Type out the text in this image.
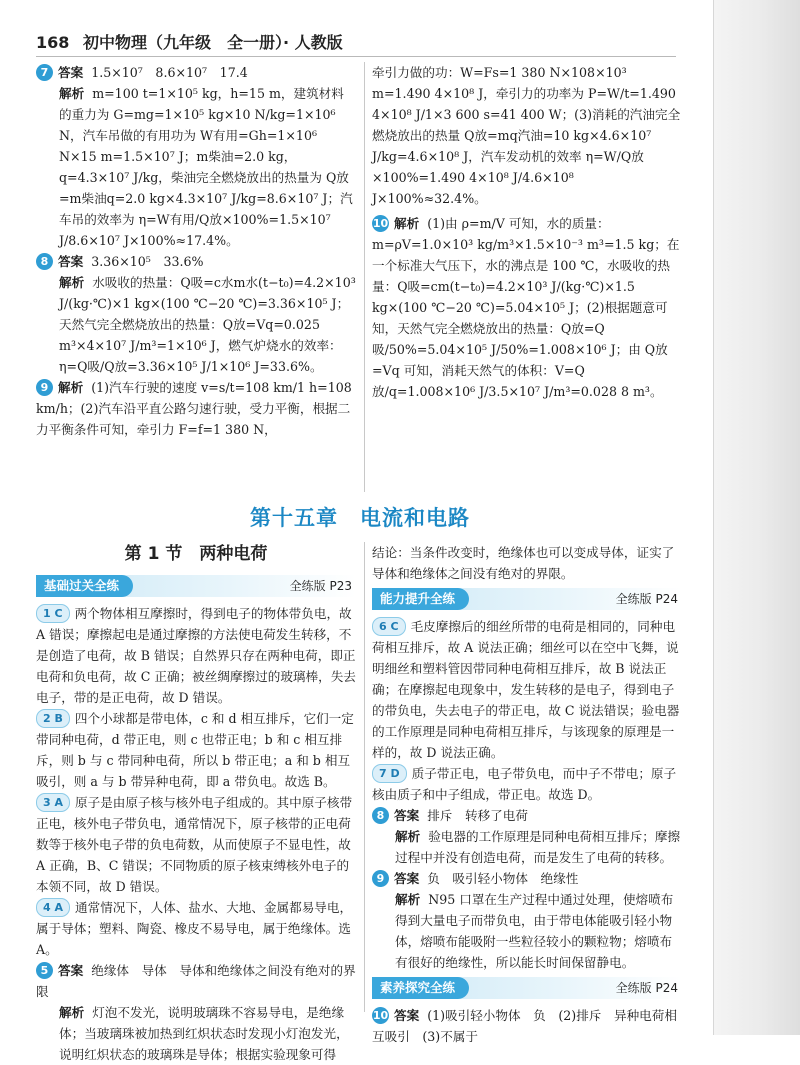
168 初中物理（九年级　全一册）· 人教版

7 答案 1.5×10⁷　8.6×10⁷　17.4

解析 m=100 t=1×10⁵ kg，h=15 m，建筑材料的重力为 G=mg=1×10⁵ kg×10 N/kg=1×10⁶ N，汽车吊做的有用功为 W有用=Gh=1×10⁶ N×15 m=1.5×10⁷ J；m柴油=2.0 kg，q=4.3×10⁷ J/kg，柴油完全燃烧放出的热量为 Q放=m柴油q=2.0 kg×4.3×10⁷ J/kg=8.6×10⁷ J；汽车吊的效率为 η=W有用/Q放×100%=1.5×10⁷ J/8.6×10⁷ J×100%≈17.4%。

8 答案 3.36×10⁵　33.6%

解析 水吸收的热量：Q吸=c水m水(t−t₀)=4.2×10³ J/(kg·℃)×1 kg×(100 ℃−20 ℃)=3.36×10⁵ J；天然气完全燃烧放出的热量：Q放=Vq=0.025 m³×4×10⁷ J/m³=1×10⁶ J，燃气炉烧水的效率：η=Q吸/Q放=3.36×10⁵ J/1×10⁶ J=33.6%。

9 解析 (1)汽车行驶的速度 v=s/t=108 km/1 h=108 km/h；(2)汽车沿平直公路匀速行驶，受力平衡，根据二力平衡条件可知，牵引力 F=f=1 380 N，

牵引力做的功：W=Fs=1 380 N×108×10³ m=1.490 4×10⁸ J，牵引力的功率为 P=W/t=1.490 4×10⁸ J/1×3 600 s=41 400 W；(3)消耗的汽油完全燃烧放出的热量 Q放=mq汽油=10 kg×4.6×10⁷ J/kg=4.6×10⁸ J，汽车发动机的效率 η=W/Q放×100%=1.490 4×10⁸ J/4.6×10⁸ J×100%≈32.4%。

10 解析 (1)由 ρ=m/V 可知，水的质量：m=ρV=1.0×10³ kg/m³×1.5×10⁻³ m³=1.5 kg；在一个标准大气压下，水的沸点是 100 ℃，水吸收的热量：Q吸=cm(t−t₀)=4.2×10³ J/(kg·℃)×1.5 kg×(100 ℃−20 ℃)=5.04×10⁵ J；(2)根据题意可知，天然气完全燃烧放出的热量：Q放=Q吸/50%=5.04×10⁵ J/50%=1.008×10⁶ J；由 Q放=Vq 可知，消耗天然气的体积：V=Q放/q=1.008×10⁶ J/3.5×10⁷ J/m³=0.028 8 m³。

第十五章　电流和电路
第 1 节　两种电荷
基础过关全练	全练版 P23

1 C 两个物体相互摩擦时，得到电子的物体带负电，故 A 错误；摩擦起电是通过摩擦的方法使电荷发生转移，不是创造了电荷，故 B 错误；自然界只存在两种电荷，即正电荷和负电荷，故 C 正确；被丝绸摩擦过的玻璃棒，失去电子，带的是正电荷，故 D 错误。

2 B 四个小球都是带电体，c 和 d 相互排斥，它们一定带同种电荷，d 带正电，则 c 也带正电；b 和 c 相互排斥，则 b 与 c 带同种电荷，所以 b 带正电；a 和 b 相互吸引，则 a 与 b 带异种电荷，即 a 带负电。故选 B。

3 A 原子是由原子核与核外电子组成的。其中原子核带正电，核外电子带负电，通常情况下，原子核带的正电荷数等于核外电子带的负电荷数，从而使原子不显电性，故 A 正确，B、C 错误；不同物质的原子核束缚核外电子的本领不同，故 D 错误。

4 A 通常情况下，人体、盐水、大地、金属都易导电，属于导体；塑料、陶瓷、橡皮不易导电，属于绝缘体。选 A。

5 答案 绝缘体　导体　导体和绝缘体之间没有绝对的界限

解析 灯泡不发光，说明玻璃珠不容易导电，是绝缘体；当玻璃珠被加热到红炽状态时发现小灯泡发光，说明红炽状态的玻璃珠是导体；根据实验现象可得

结论：当条件改变时，绝缘体也可以变成导体，证实了导体和绝缘体之间没有绝对的界限。

能力提升全练	全练版 P24

6 C 毛皮摩擦后的细丝所带的电荷是相同的，同种电荷相互排斥，故 A 说法正确；细丝可以在空中飞舞，说明细丝和塑料管因带同种电荷相互排斥，故 B 说法正确；在摩擦起电现象中，发生转移的是电子，得到电子的带负电，失去电子的带正电，故 C 说法错误；验电器的工作原理是同种电荷相互排斥，与该现象的原理是一样的，故 D 说法正确。

7 D 质子带正电，电子带负电，而中子不带电；原子核由质子和中子组成，带正电。故选 D。

8 答案 排斥　转移了电荷

解析 验电器的工作原理是同种电荷相互排斥；摩擦过程中并没有创造电荷，而是发生了电荷的转移。

9 答案 负　吸引轻小物体　绝缘性

解析 N95 口罩在生产过程中通过处理，使熔喷布得到大量电子而带负电，由于带电体能吸引轻小物体，熔喷布能吸附一些粒径较小的颗粒物；熔喷布有很好的绝缘性，所以能长时间保留静电。

素养探究全练	全练版 P24

10 答案 (1)吸引轻小物体　负　(2)排斥　异种电荷相互吸引　(3)不属于
